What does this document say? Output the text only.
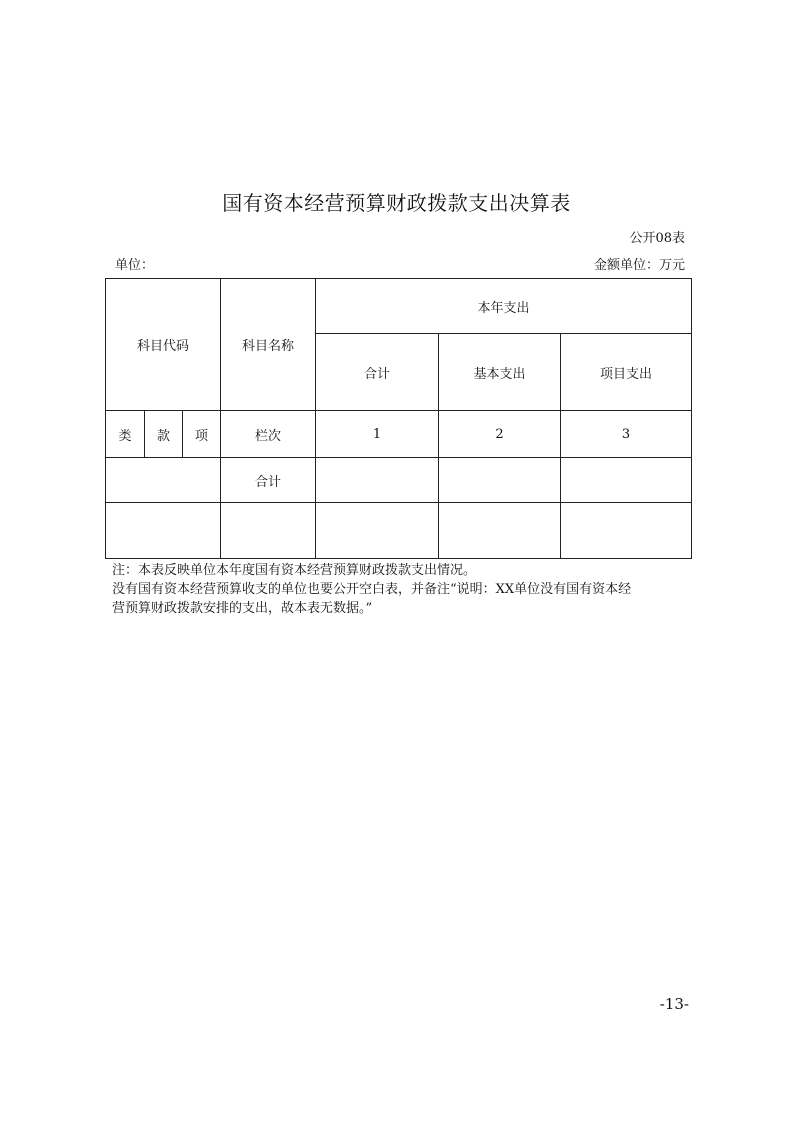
国有资本经营预算财政拨款支出决算表
公开08表
单位：	金额单位：万元
科目代码			科目名称	本年支出		
				合计	基本支出	项目支出
类	款	项	栏次	1	2	3
			合计			

注：本表反映单位本年度国有资本经营预算财政拨款支出情况。
没有国有资本经营预算收支的单位也要公开空白表，并备注“说明：XX单位没有国有资本经
营预算财政拨款安排的支出，故本表无数据。”
-13-
